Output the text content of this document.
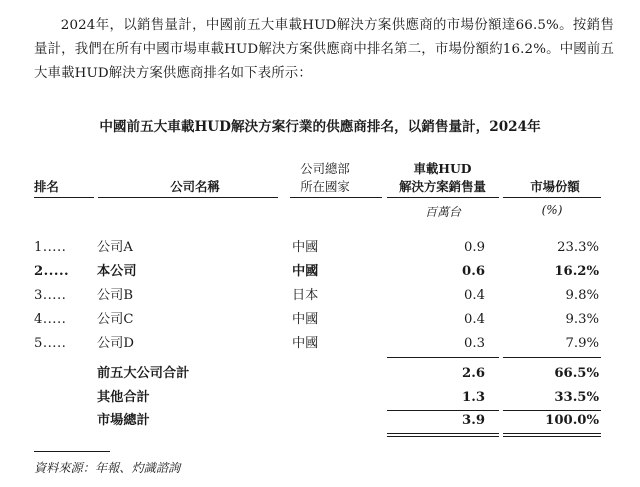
2024年，以銷售量計，中國前五大車載HUD解決方案供應商的市場份額達66.5%。按銷售量計，我們在所有中國市場車載HUD解決方案供應商中排名第二，市場份額約16.2%。中國前五大車載HUD解決方案供應商排名如下表所示：
中國前五大車載HUD解決方案行業的供應商排名，以銷售量計，2024年
排名	公司名稱
公司總部
所在國家
車載HUD
解決方案銷售量	市場份額
百萬台	(%)
1..... 公司A	中國	0.9	23.3%
2..... 本公司	中國	0.6	16.2%
3..... 公司B	日本	0.4	9.8%
4..... 公司C	中國	0.4	9.3%
5..... 公司D	中國	0.3	7.9%
前五大公司合計	2.6	66.5%
其他合計	1.3	33.5%
市場總計	3.9	100.0%
資料來源：年報、灼識諮詢
